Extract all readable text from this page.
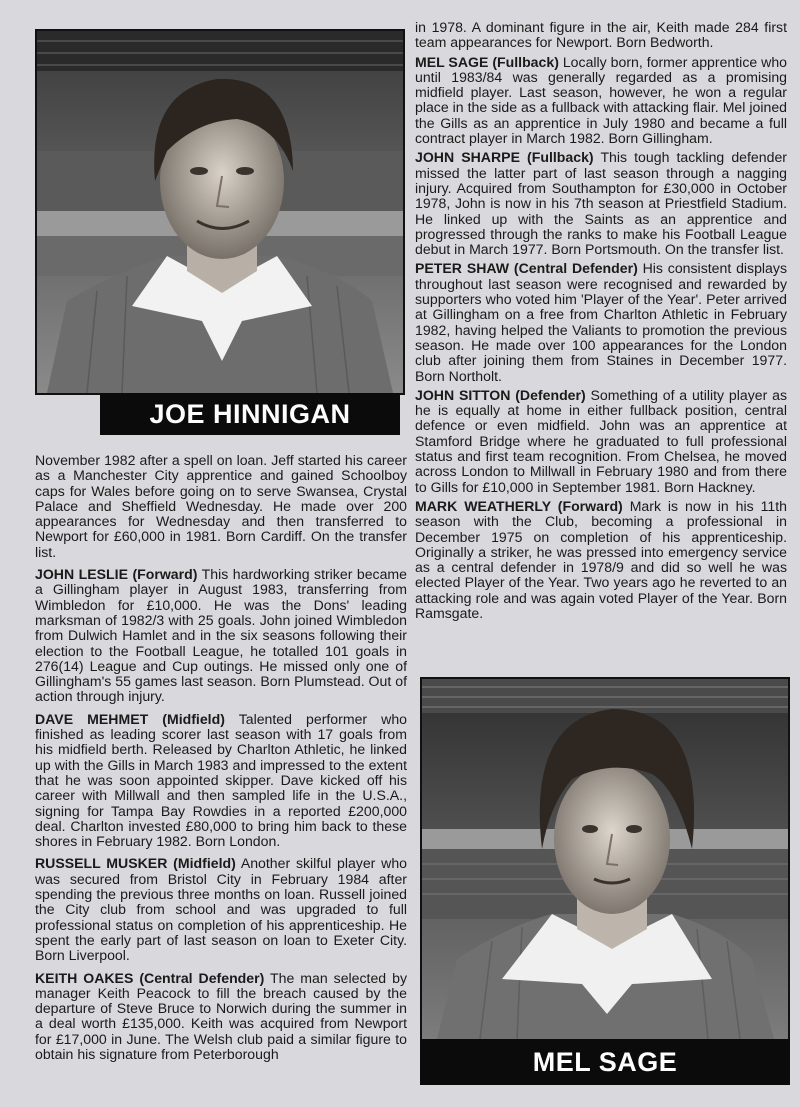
JOE HINNIGAN

November 1982 after a spell on loan. Jeff started his career as a Manchester City apprentice and gained Schoolboy caps for Wales before going on to serve Swansea, Crystal Palace and Sheffield Wednesday. He made over 200 appearances for Wednesday and then transferred to Newport for £60,000 in 1981. Born Cardiff. On the transfer list.

JOHN LESLIE (Forward) This hardworking striker became a Gillingham player in August 1983, transferring from Wimbledon for £10,000. He was the Dons' leading marksman of 1982/3 with 25 goals. John joined Wimbledon from Dulwich Hamlet and in the six seasons following their election to the Football League, he totalled 101 goals in 276(14) League and Cup outings. He missed only one of Gillingham's 55 games last season. Born Plumstead. Out of action through injury.

DAVE MEHMET (Midfield) Talented performer who finished as leading scorer last season with 17 goals from his midfield berth. Released by Charlton Athletic, he linked up with the Gills in March 1983 and impressed to the extent that he was soon appointed skipper. Dave kicked off his career with Millwall and then sampled life in the U.S.A., signing for Tampa Bay Rowdies in a reported £200,000 deal. Charlton invested £80,000 to bring him back to these shores in February 1982. Born London.

RUSSELL MUSKER (Midfield) Another skilful player who was secured from Bristol City in February 1984 after spending the previous three months on loan. Russell joined the City club from school and was upgraded to full professional status on completion of his apprenticeship. He spent the early part of last season on loan to Exeter City. Born Liverpool.

KEITH OAKES (Central Defender) The man selected by manager Keith Peacock to fill the breach caused by the departure of Steve Bruce to Norwich during the summer in a deal worth £135,000. Keith was acquired from Newport for £17,000 in June. The Welsh club paid a similar figure to obtain his signature from Peterborough

in 1978. A dominant figure in the air, Keith made 284 first team appearances for Newport. Born Bedworth.

MEL SAGE (Fullback) Locally born, former apprentice who until 1983/84 was generally regarded as a promising midfield player. Last season, however, he won a regular place in the side as a fullback with attacking flair. Mel joined the Gills as an apprentice in July 1980 and became a full contract player in March 1982. Born Gillingham.

JOHN SHARPE (Fullback) This tough tackling defender missed the latter part of last season through a nagging injury. Acquired from Southampton for £30,000 in October 1978, John is now in his 7th season at Priestfield Stadium. He linked up with the Saints as an apprentice and progressed through the ranks to make his Football League debut in March 1977. Born Portsmouth. On the transfer list.

PETER SHAW (Central Defender) His consistent displays throughout last season were recognised and rewarded by supporters who voted him 'Player of the Year'. Peter arrived at Gillingham on a free from Charlton Athletic in February 1982, having helped the Valiants to promotion the previous season. He made over 100 appearances for the London club after joining them from Staines in December 1977. Born Northolt.

JOHN SITTON (Defender) Something of a utility player as he is equally at home in either fullback position, central defence or even midfield. John was an apprentice at Stamford Bridge where he graduated to full professional status and first team recognition. From Chelsea, he moved across London to Millwall in February 1980 and from there to Gills for £10,000 in September 1981. Born Hackney.

MARK WEATHERLY (Forward) Mark is now in his 11th season with the Club, becoming a professional in December 1975 on completion of his apprenticeship. Originally a striker, he was pressed into emergency service as a central defender in 1978/9 and did so well he was elected Player of the Year. Two years ago he reverted to an attacking role and was again voted Player of the Year. Born Ramsgate.

MEL SAGE
